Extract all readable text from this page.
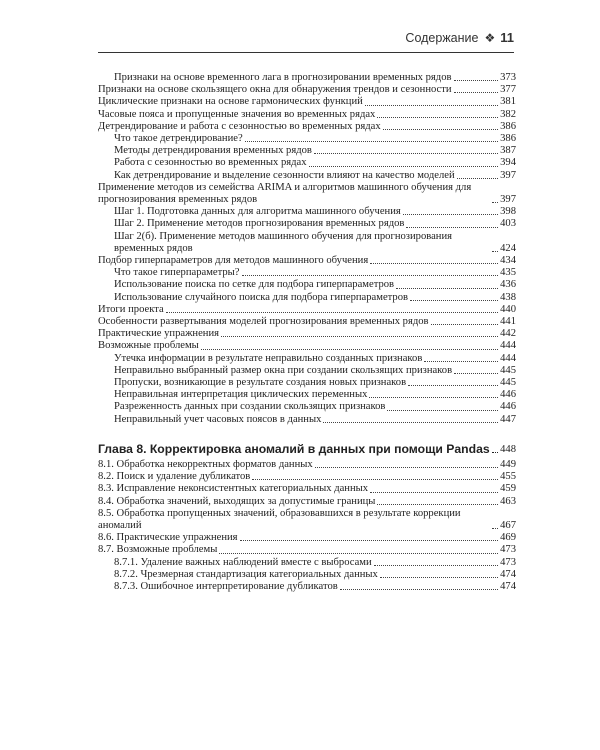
Содержание ❖ 11
Признаки на основе временного лага в прогнозировании временных рядов	373
Признаки на основе скользящего окна для обнаружения трендов и сезонности	377
Циклические признаки на основе гармонических функций	381
Часовые пояса и пропущенные значения во временных рядах	382
Детрендирование и работа с сезонностью во временных рядах	386
Что такое детрендирование?	386
Методы детрендирования временных рядов	387
Работа с сезонностью во временных рядах	394
Как детрендирование и выделение сезонности влияют на качество моделей	397
Применение методов из семейства ARIMA и алгоритмов машинного обучения для прогнозирования временных рядов	397
Шаг 1. Подготовка данных для алгоритма машинного обучения	398
Шаг 2. Применение методов прогнозирования временных рядов	403
Шаг 2(б). Применение методов машинного обучения для прогнозирования временных рядов	424
Подбор гиперпараметров для методов машинного обучения	434
Что такое гиперпараметры?	435
Использование поиска по сетке для подбора гиперпараметров	436
Использование случайного поиска для подбора гиперпараметров	438
Итоги проекта	440
Особенности развертывания моделей прогнозирования временных рядов	441
Практические упражнения	442
Возможные проблемы	444
Утечка информации в результате неправильно созданных признаков	444
Неправильно выбранный размер окна при создании скользящих признаков	445
Пропуски, возникающие в результате создания новых признаков	445
Неправильная интерпретация циклических переменных	446
Разреженность данных при создании скользящих признаков	446
Неправильный учет часовых поясов в данных	447
Глава 8. Корректировка аномалий в данных при помощи Pandas 448
8.1. Обработка некорректных форматов данных	449
8.2. Поиск и удаление дубликатов	455
8.3. Исправление неконсистентных категориальных данных	459
8.4. Обработка значений, выходящих за допустимые границы	463
8.5. Обработка пропущенных значений, образовавшихся в результате коррекции аномалий	467
8.6. Практические упражнения	469
8.7. Возможные проблемы	473
8.7.1. Удаление важных наблюдений вместе с выбросами	473
8.7.2. Чрезмерная стандартизация категориальных данных	474
8.7.3. Ошибочное интерпретирование дубликатов	474
